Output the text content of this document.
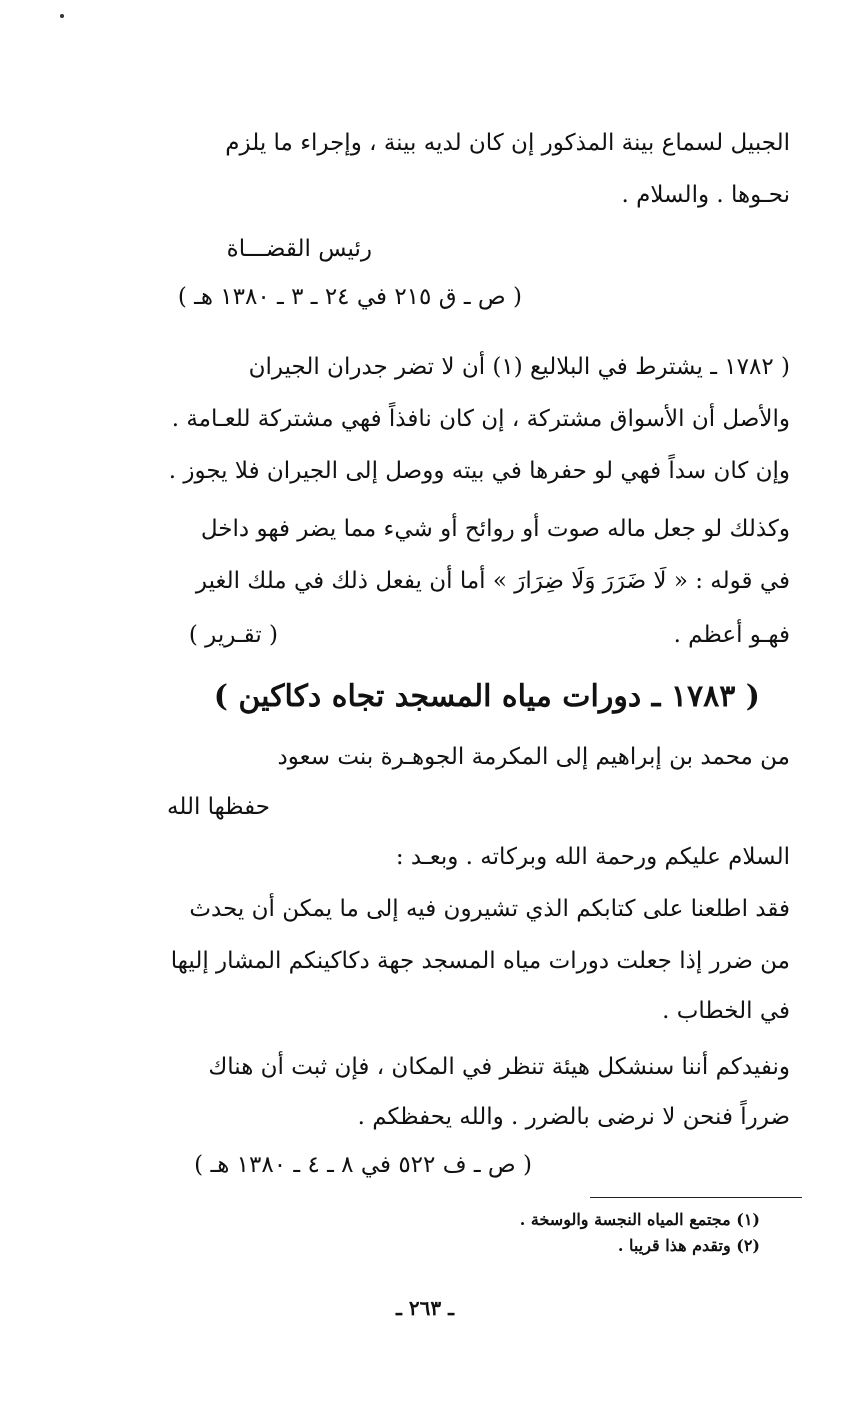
الجبيل لسماع بينة المذكور إن كان لديه بينة ، وإجراء ما يلزم
نحـوها . والسلام .
رئيس القضـــاة
( ص ـ ق ٢١٥ في ٢٤ ـ ٣ ـ ١٣٨٠ هـ )
( ١٧٨٢ ـ يشترط في البلاليع (١) أن لا تضر جدران الجيران
والأصل أن الأسواق مشتركة ، إن كان نافذاً فهي مشتركة للعـامة .
وإن كان سداً فهي لو حفرها في بيته ووصل إلى الجيران فلا يجوز .
وكذلك لو جعل ماله صوت أو روائح أو شيء مما يضر فهو داخل
في قوله : « لَا ضَرَرَ وَلَا ضِرَارَ » أما أن يفعل ذلك في ملك الغير
فهـو أعظم .
( تقـرير )
( ١٧٨٣ ـ دورات مياه المسجد تجاه دكاكين )
من محمد بن إبراهيم إلى المكرمة الجوهـرة بنت سعود
حفظها الله
السلام عليكم ورحمة الله وبركاته . وبعـد :
فقد اطلعنا على كتابكم الذي تشيرون فيه إلى ما يمكن أن يحدث
من ضرر إذا جعلت دورات مياه المسجد جهة دكاكينكم المشار إليها
في الخطاب .
ونفيدكم أننا سنشكل هيئة تنظر في المكان ، فإن ثبت أن هناك
ضرراً فنحن لا نرضى بالضرر . والله يحفظكم .
( ص ـ ف ٥٢٢ في ٨ ـ ٤ ـ ١٣٨٠ هـ )
(١) مجتمع المياه النجسة والوسخة .
(٢) وتقدم هذا قريبا .
ـ ٢٦٣ ـ
